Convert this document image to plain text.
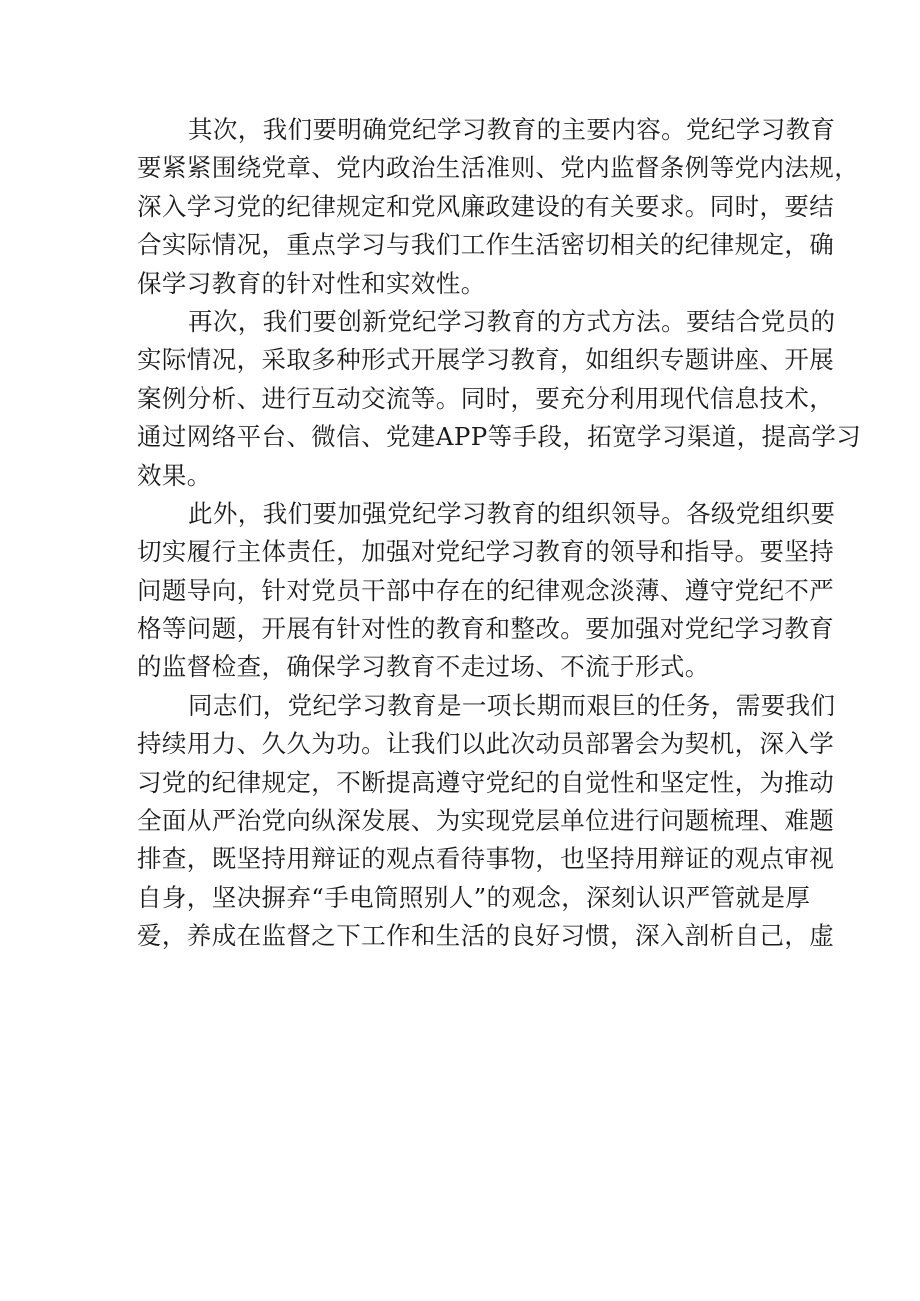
其次，我们要明确党纪学习教育的主要内容。党纪学习教育
要紧紧围绕党章、党内政治生活准则、党内监督条例等党内法规，
深入学习党的纪律规定和党风廉政建设的有关要求。同时，要结
合实际情况，重点学习与我们工作生活密切相关的纪律规定，确
保学习教育的针对性和实效性。
再次，我们要创新党纪学习教育的方式方法。要结合党员的
实际情况，采取多种形式开展学习教育，如组织专题讲座、开展
案例分析、进行互动交流等。同时，要充分利用现代信息技术，
通过网络平台、微信、党建APP等手段，拓宽学习渠道，提高学习
效果。
此外，我们要加强党纪学习教育的组织领导。各级党组织要
切实履行主体责任，加强对党纪学习教育的领导和指导。要坚持
问题导向，针对党员干部中存在的纪律观念淡薄、遵守党纪不严
格等问题，开展有针对性的教育和整改。要加强对党纪学习教育
的监督检查，确保学习教育不走过场、不流于形式。
同志们，党纪学习教育是一项长期而艰巨的任务，需要我们
持续用力、久久为功。让我们以此次动员部署会为契机，深入学
习党的纪律规定，不断提高遵守党纪的自觉性和坚定性，为推动
全面从严治党向纵深发展、为实现党层单位进行问题梳理、难题
排查，既坚持用辩证的观点看待事物，也坚持用辩证的观点审视
自身，坚决摒弃“手电筒照别人”的观念，深刻认识严管就是厚
爱，养成在监督之下工作和生活的良好习惯，深入剖析自己，虚
